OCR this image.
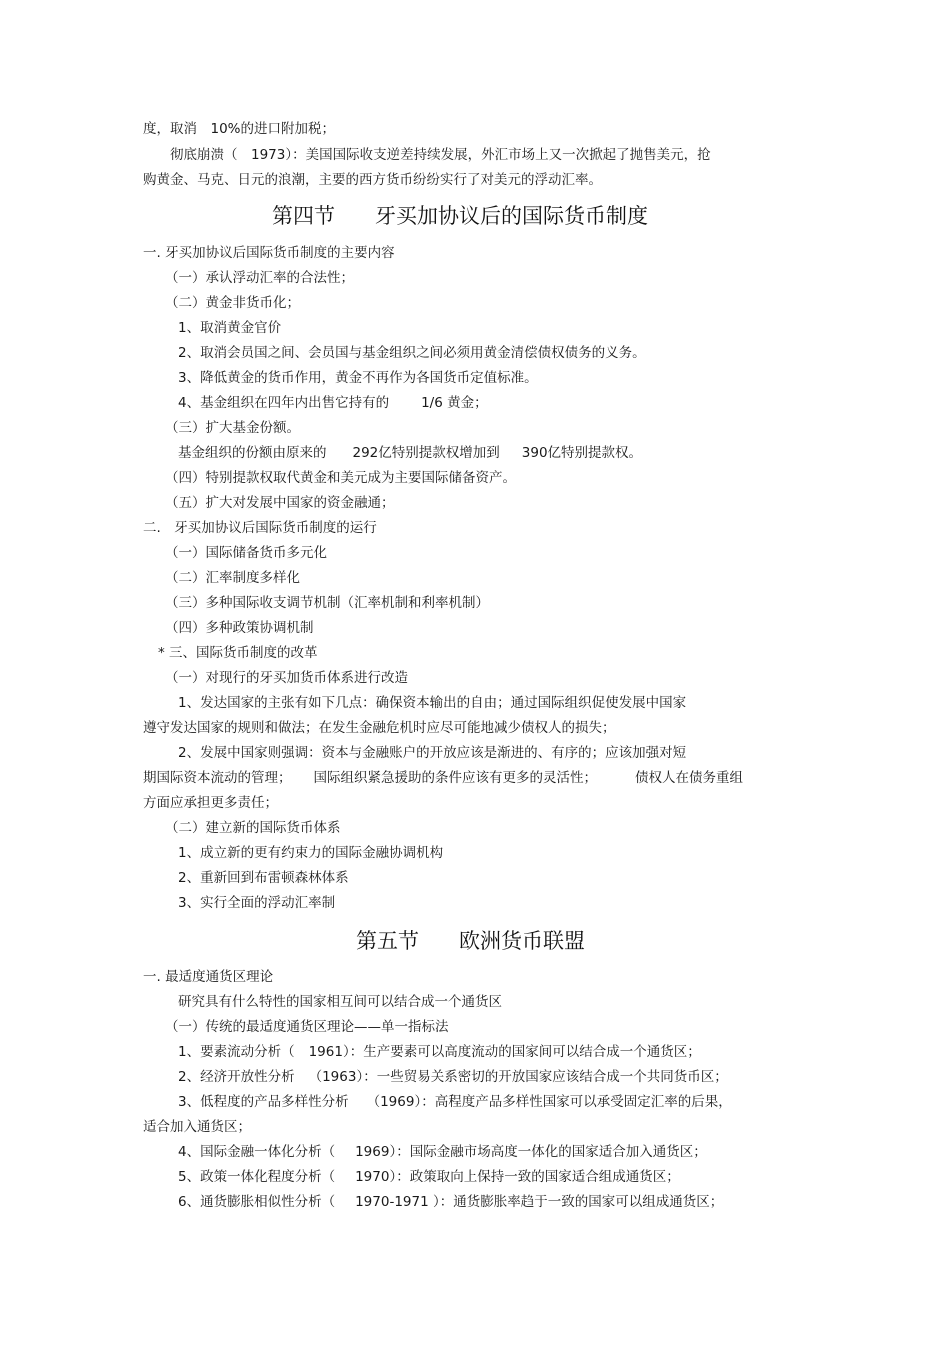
度，取消　10%的进口附加税；
彻底崩溃（　1973）：美国国际收支逆差持续发展，外汇市场上又一次掀起了抛售美元，抢
购黄金、马克、日元的浪潮，主要的西方货币纷纷实行了对美元的浮动汇率。
第四节 牙买加协议后的国际货币制度
一. 牙买加协议后国际货币制度的主要内容
（一）承认浮动汇率的合法性；
（二）黄金非货币化；
1、取消黄金官价
2、取消会员国之间、会员国与基金组织之间必须用黄金清偿债权债务的义务。
3、降低黄金的货币作用，黄金不再作为各国货币定值标准。
4、基金组织在四年内出售它持有的 1/6 黄金；
（三）扩大基金份额。
基金组织的份额由原来的 292亿特别提款权增加到 390亿特别提款权。
（四）特别提款权取代黄金和美元成为主要国际储备资产。
（五）扩大对发展中国家的资金融通；
二.　牙买加协议后国际货币制度的运行
（一）国际储备货币多元化
（二）汇率制度多样化
（三）多种国际收支调节机制（汇率机制和利率机制）
（四）多种政策协调机制
* 三、国际货币制度的改革
（一）对现行的牙买加货币体系进行改造
1、发达国家的主张有如下几点：确保资本输出的自由；通过国际组织促使发展中国家
遵守发达国家的规则和做法；在发生金融危机时应尽可能地减少债权人的损失；
2、发展中国家则强调：资本与金融账户的开放应该是渐进的、有序的；应该加强对短
期国际资本流动的管理； 国际组织紧急援助的条件应该有更多的灵活性；	债权人在债务重组
方面应承担更多责任；
（二）建立新的国际货币体系
1、成立新的更有约束力的国际金融协调机构
2、重新回到布雷顿森林体系
3、实行全面的浮动汇率制
第五节 欧洲货币联盟
一. 最适度通货区理论
研究具有什么特性的国家相互间可以结合成一个通货区
（一）传统的最适度通货区理论——单一指标法
1、要素流动分析（ 1961）：生产要素可以高度流动的国家间可以结合成一个通货区；
2、经济开放性分析 （1963）：一些贸易关系密切的开放国家应该结合成一个共同货币区；
3、低程度的产品多样性分析 （1969）：高程度产品多样性国家可以承受固定汇率的后果，
适合加入通货区；
4、国际金融一体化分析（ 1969）：国际金融市场高度一体化的国家适合加入通货区；
5、政策一体化程度分析（ 1970）：政策取向上保持一致的国家适合组成通货区；
6、通货膨胀相似性分析（ 1970-1971 ）：通货膨胀率趋于一致的国家可以组成通货区；
